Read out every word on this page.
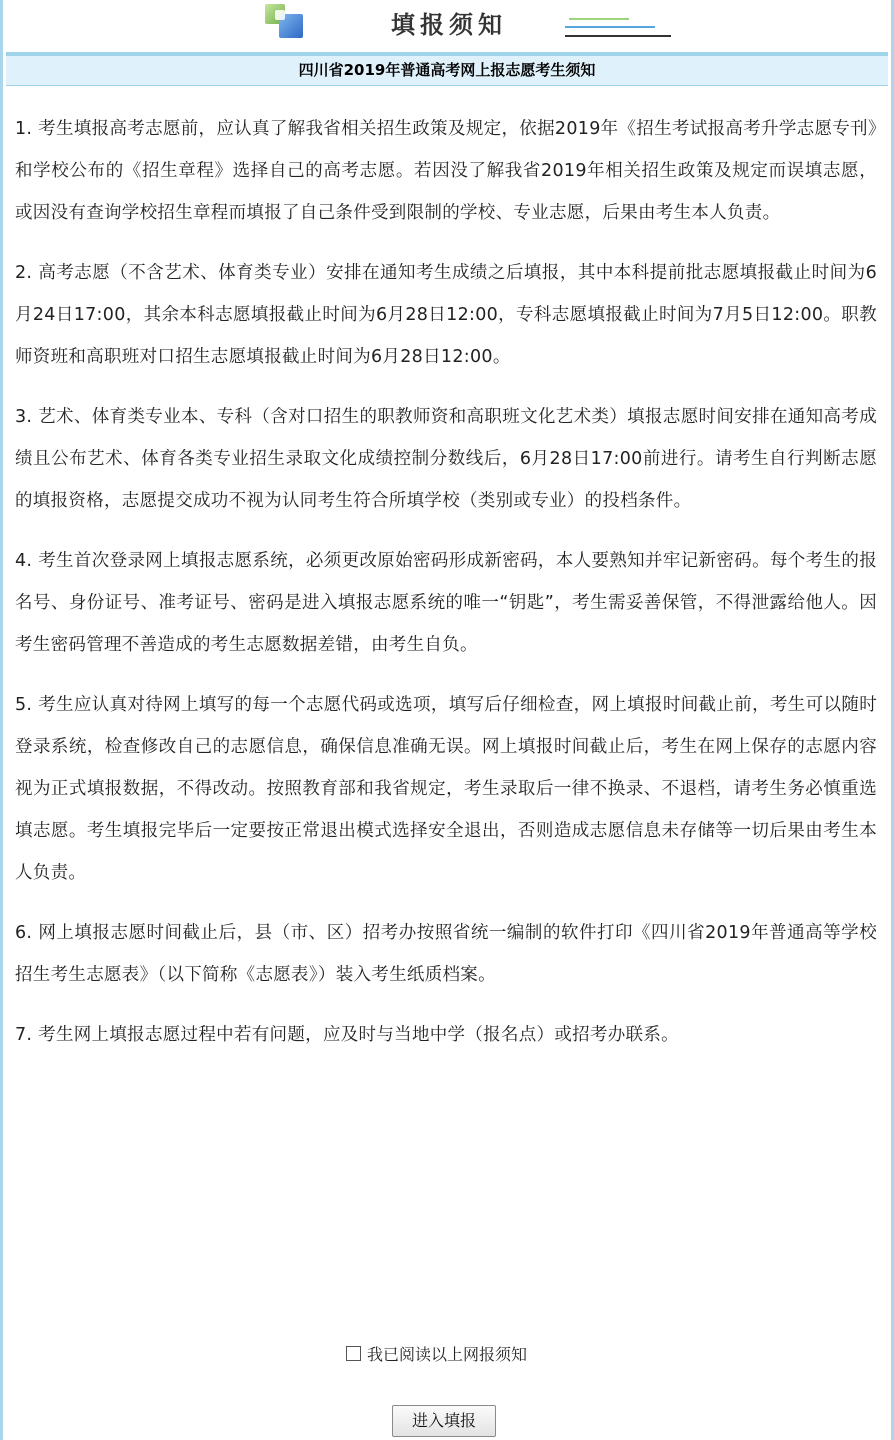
填报须知
四川省2019年普通高考网上报志愿考生须知

1. 考生填报高考志愿前，应认真了解我省相关招生政策及规定，依据2019年《招生考试报高考升学志愿专刊》和学校公布的《招生章程》选择自己的高考志愿。若因没了解我省2019年相关招生政策及规定而误填志愿，或因没有查询学校招生章程而填报了自己条件受到限制的学校、专业志愿，后果由考生本人负责。

2. 高考志愿（不含艺术、体育类专业）安排在通知考生成绩之后填报，其中本科提前批志愿填报截止时间为6月24日17:00，其余本科志愿填报截止时间为6月28日12:00，专科志愿填报截止时间为7月5日12:00。职教师资班和高职班对口招生志愿填报截止时间为6月28日12:00。

3. 艺术、体育类专业本、专科（含对口招生的职教师资和高职班文化艺术类）填报志愿时间安排在通知高考成绩且公布艺术、体育各类专业招生录取文化成绩控制分数线后，6月28日17:00前进行。请考生自行判断志愿的填报资格，志愿提交成功不视为认同考生符合所填学校（类别或专业）的投档条件。

4. 考生首次登录网上填报志愿系统，必须更改原始密码形成新密码，本人要熟知并牢记新密码。每个考生的报名号、身份证号、准考证号、密码是进入填报志愿系统的唯一“钥匙”，考生需妥善保管，不得泄露给他人。因考生密码管理不善造成的考生志愿数据差错，由考生自负。

5. 考生应认真对待网上填写的每一个志愿代码或选项，填写后仔细检查，网上填报时间截止前，考生可以随时登录系统，检查修改自己的志愿信息，确保信息准确无误。网上填报时间截止后，考生在网上保存的志愿内容视为正式填报数据，不得改动。按照教育部和我省规定，考生录取后一律不换录、不退档，请考生务必慎重选填志愿。考生填报完毕后一定要按正常退出模式选择安全退出，否则造成志愿信息未存储等一切后果由考生本人负责。

6. 网上填报志愿时间截止后，县（市、区）招考办按照省统一编制的软件打印《四川省2019年普通高等学校招生考生志愿表》（以下简称《志愿表》）装入考生纸质档案。

7. 考生网上填报志愿过程中若有问题，应及时与当地中学（报名点）或招考办联系。

我已阅读以上网报须知
进入填报
